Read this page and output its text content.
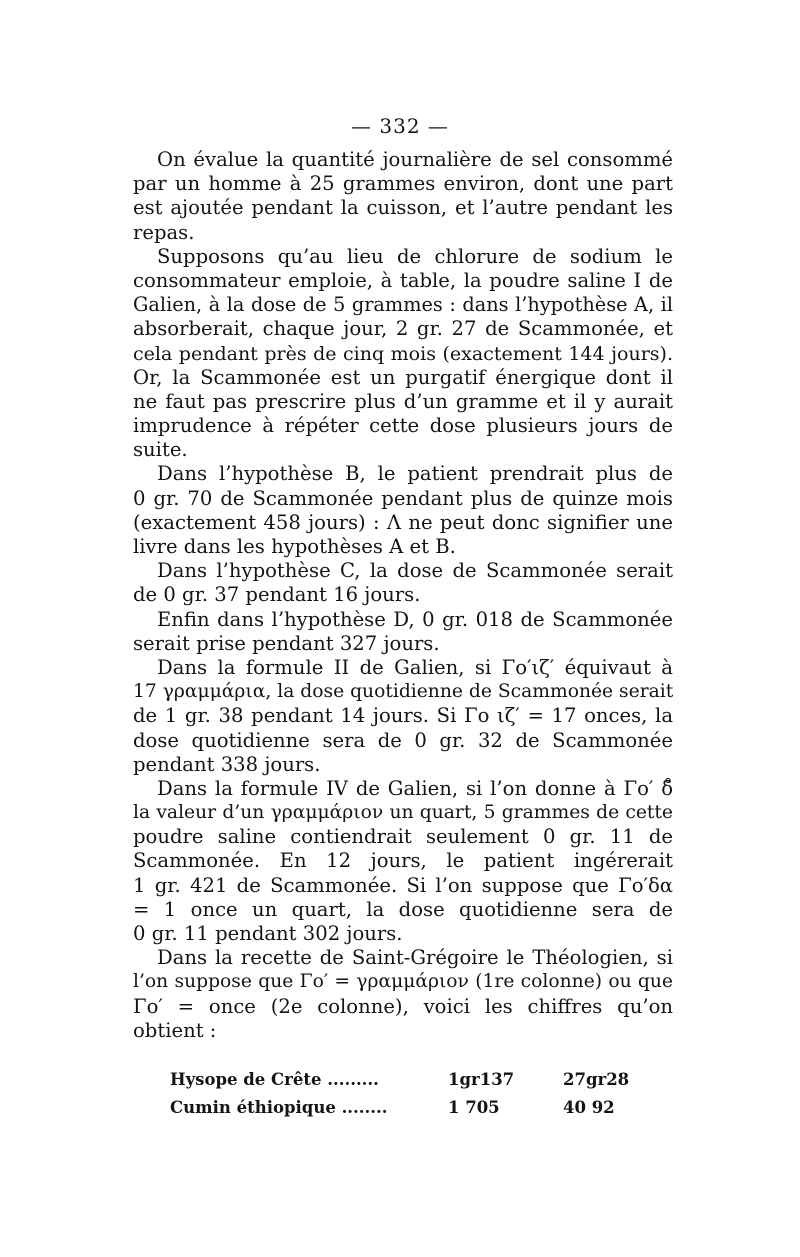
— 332 —
On évalue la quantité journalière de sel consommé
par un homme à 25 grammes environ, dont une part
est ajoutée pendant la cuisson, et l’autre pendant les
repas.
Supposons qu’au lieu de chlorure de sodium le
consommateur emploie, à table, la poudre saline I de
Galien, à la dose de 5 grammes : dans l’hypothèse A, il
absorberait, chaque jour, 2 gr. 27 de Scammonée, et
cela pendant près de cinq mois (exactement 144 jours).
Or, la Scammonée est un purgatif énergique dont il
ne faut pas prescrire plus d’un gramme et il y aurait
imprudence à répéter cette dose plusieurs jours de
suite.
Dans l’hypothèse B, le patient prendrait plus de
0 gr. 70 de Scammonée pendant plus de quinze mois
(exactement 458 jours) : Λ ne peut donc signifier une
livre dans les hypothèses A et B.
Dans l’hypothèse C, la dose de Scammonée serait
de 0 gr. 37 pendant 16 jours.
Enfin dans l’hypothèse D, 0 gr. 018 de Scammonée
serait prise pendant 327 jours.
Dans la formule II de Galien, si Γο′ιζ′ équivaut à
17 γραμμάρια, la dose quotidienne de Scammonée serait
de 1 gr. 38 pendant 14 jours. Si Γο ιζ′ = 17 onces, la
dose quotidienne sera de 0 gr. 32 de Scammonée
pendant 338 jours.
Dans la formule IV de Galien, si l’on donne à Γο′ δ̊
la valeur d’un γραμμάριον un quart, 5 grammes de cette
poudre saline contiendrait seulement 0 gr. 11 de
Scammonée. En 12 jours, le patient ingérerait
1 gr. 421 de Scammonée. Si l’on suppose que Γο′δα
= 1 once un quart, la dose quotidienne sera de
0 gr. 11 pendant 302 jours.
Dans la recette de Saint-Grégoire le Théologien, si
l’on suppose que Γο′ = γραμμάριον (1re colonne) ou que
Γο′ = once (2e colonne), voici les chiffres qu’on
obtient :
Hysope de Crête .........	1gr137	27gr28
Cumin éthiopique ........	1 705	40 92
